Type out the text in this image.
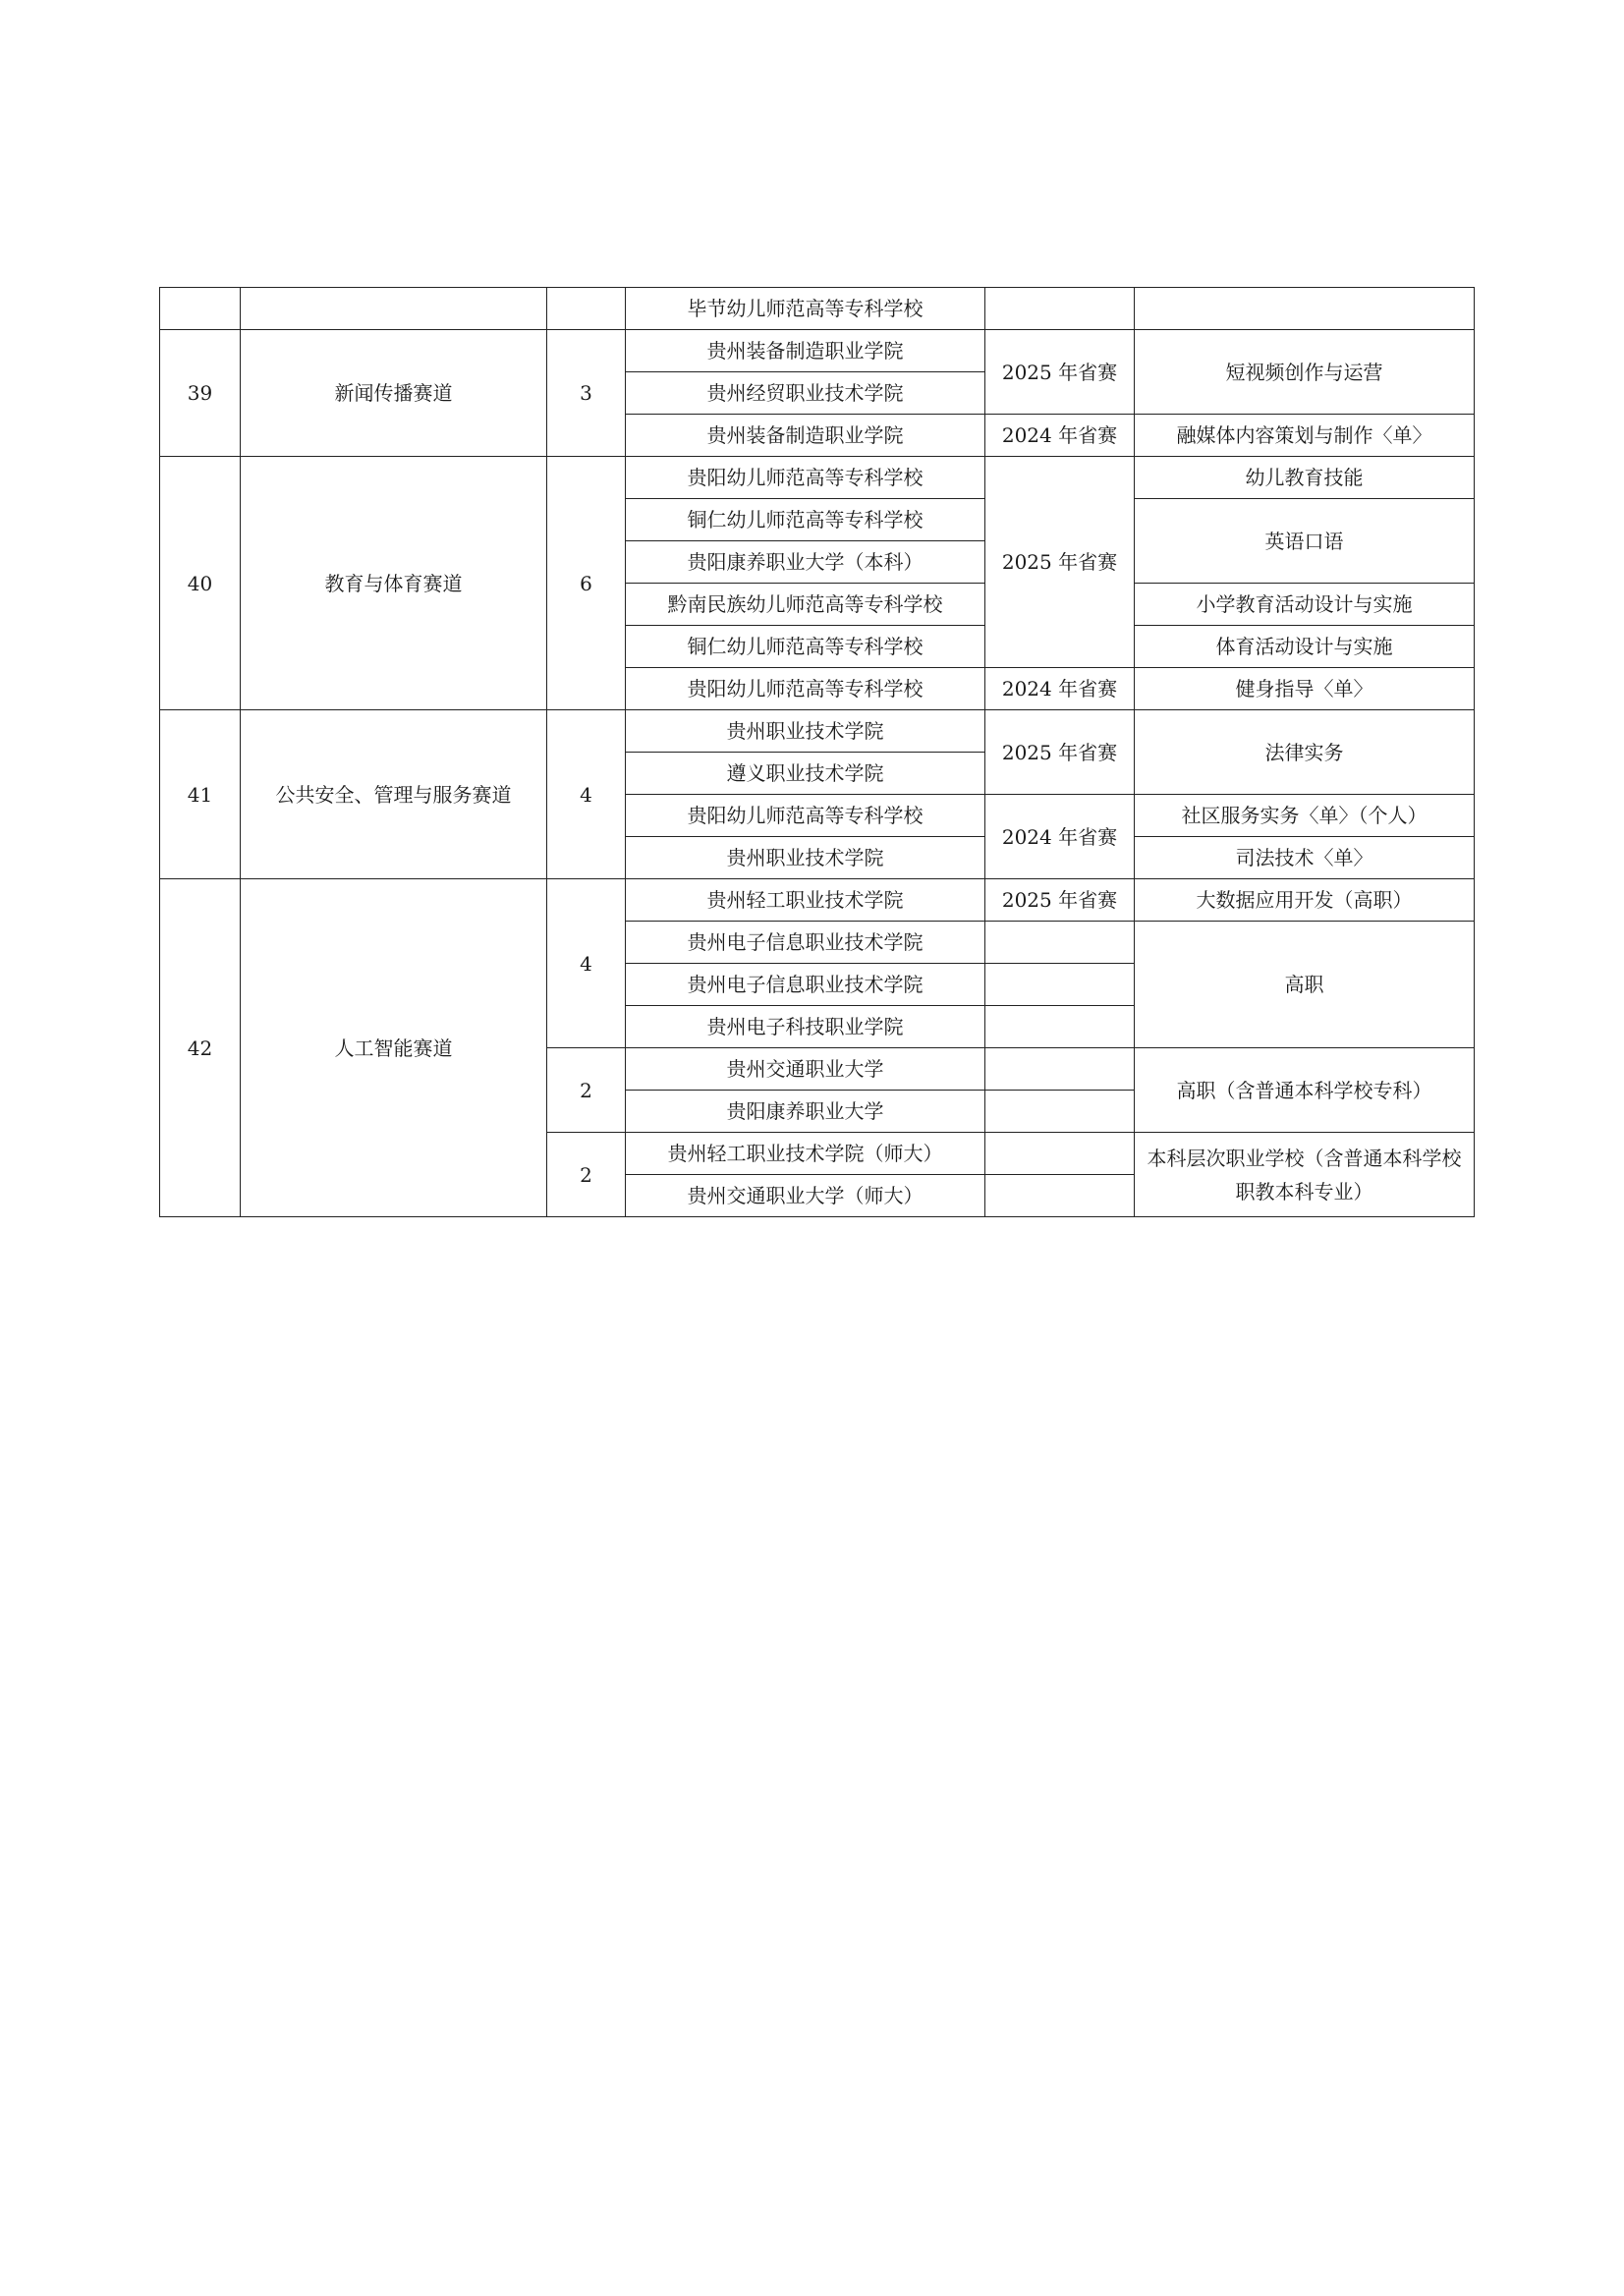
			毕节幼儿师范高等专科学校		
39	新闻传播赛道	3	贵州装备制造职业学院	2025 年省赛	短视频创作与运营
			贵州经贸职业技术学院		
			贵州装备制造职业学院	2024 年省赛	融媒体内容策划与制作〈单〉
40	教育与体育赛道	6	贵阳幼儿师范高等专科学校	2025 年省赛	幼儿教育技能
			铜仁幼儿师范高等专科学校		英语口语
			贵阳康养职业大学（本科）		
			黔南民族幼儿师范高等专科学校		小学教育活动设计与实施
			铜仁幼儿师范高等专科学校		体育活动设计与实施
			贵阳幼儿师范高等专科学校	2024 年省赛	健身指导〈单〉
41	公共安全、管理与服务赛道	4	贵州职业技术学院	2025 年省赛	法律实务
			遵义职业技术学院		
			贵阳幼儿师范高等专科学校	2024 年省赛	社区服务实务〈单〉（个人）
			贵州职业技术学院		司法技术〈单〉
42	人工智能赛道	4	贵州轻工职业技术学院	2025 年省赛	大数据应用开发（高职）
			贵州电子信息职业技术学院		高职
			贵州电子信息职业技术学院		
			贵州电子科技职业学院		
		2	贵州交通职业大学		高职（含普通本科学校专科）
			贵阳康养职业大学		
		2	贵州轻工职业技术学院（师大）		本科层次职业学校（含普通本科学校职教本科专业）
			贵州交通职业大学（师大）		
